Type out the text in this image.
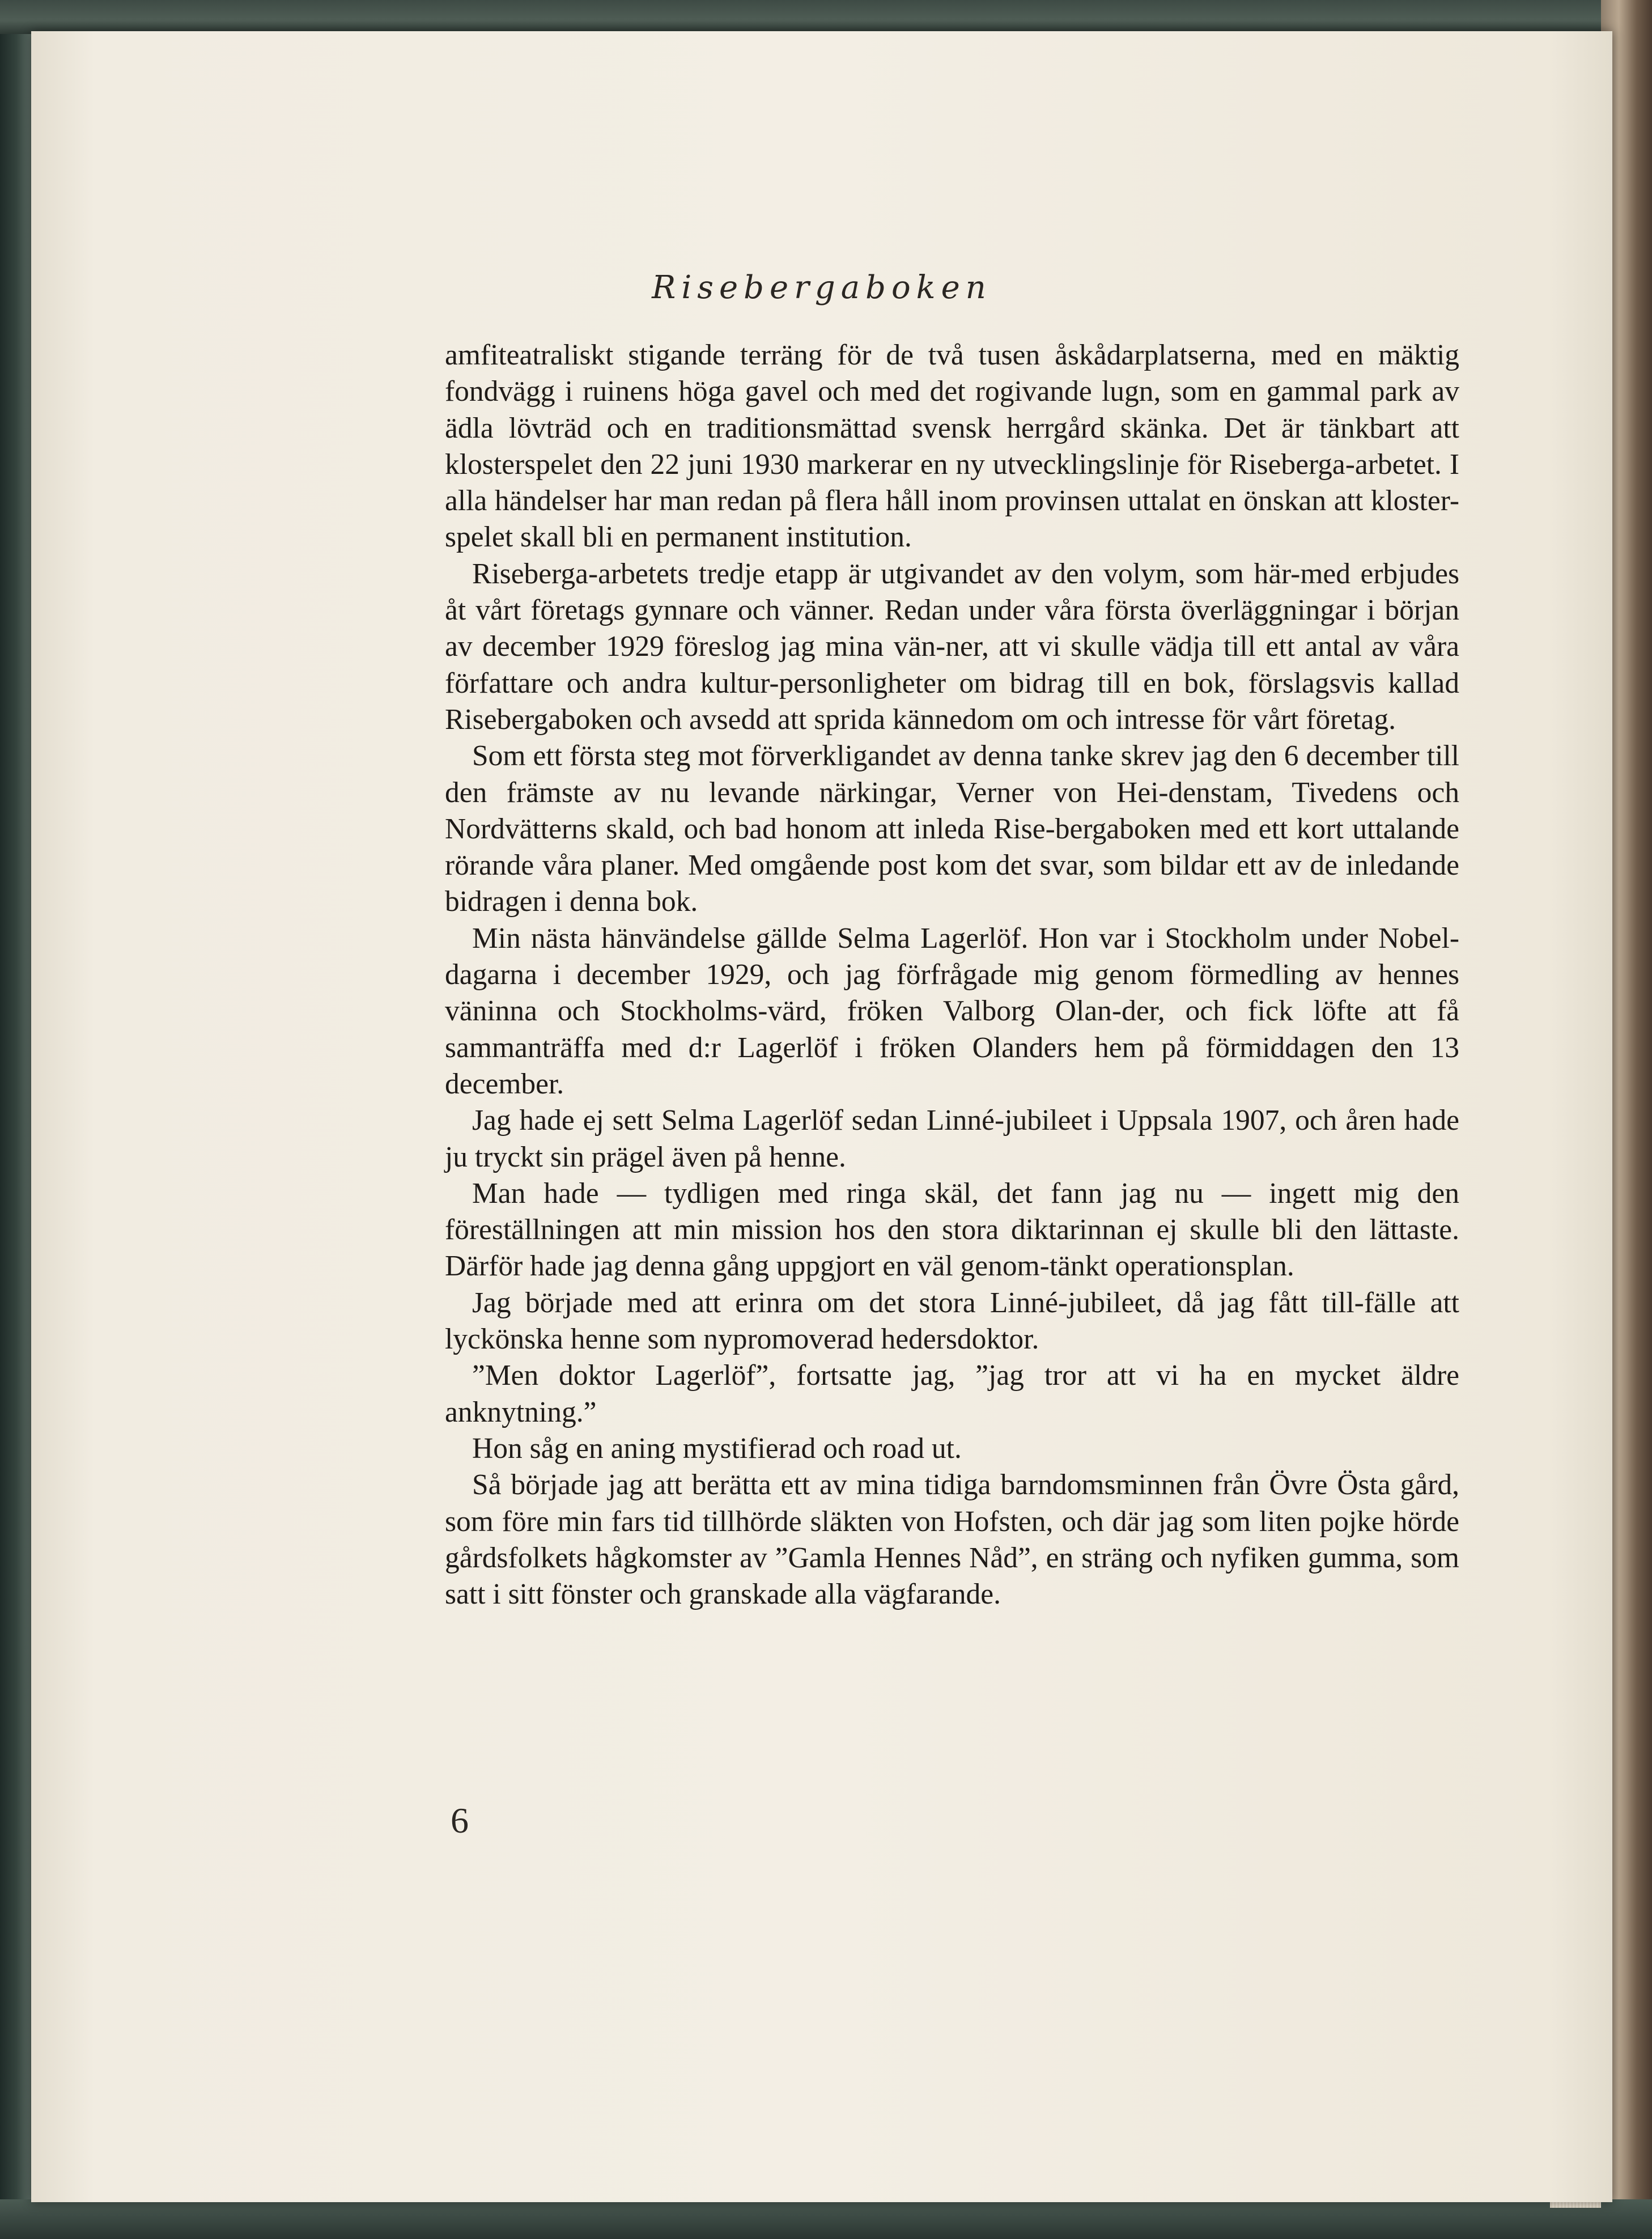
Risebergaboken

amfiteatraliskt stigande terräng för de två tusen åskådarplatserna, med en mäktig fondvägg i ruinens höga gavel och med det rogivande lugn, som en gammal park av ädla lövträd och en traditionsmättad svensk herrgård skänka. Det är tänkbart att klosterspelet den 22 juni 1930 markerar en ny utvecklingslinje för Riseberga-arbetet. I alla händelser har man redan på flera håll inom provinsen uttalat en önskan att kloster-spelet skall bli en permanent institution.

Riseberga-arbetets tredje etapp är utgivandet av den volym, som här-med erbjudes åt vårt företags gynnare och vänner. Redan under våra första överläggningar i början av december 1929 föreslog jag mina vän-ner, att vi skulle vädja till ett antal av våra författare och andra kultur-personligheter om bidrag till en bok, förslagsvis kallad Risebergaboken och avsedd att sprida kännedom om och intresse för vårt företag.

Som ett första steg mot förverkligandet av denna tanke skrev jag den 6 december till den främste av nu levande närkingar, Verner von Hei-denstam, Tivedens och Nordvätterns skald, och bad honom att inleda Rise-bergaboken med ett kort uttalande rörande våra planer. Med omgående post kom det svar, som bildar ett av de inledande bidragen i denna bok.

Min nästa hänvändelse gällde Selma Lagerlöf. Hon var i Stockholm under Nobel-dagarna i december 1929, och jag förfrågade mig genom förmedling av hennes väninna och Stockholms-värd, fröken Valborg Olan-der, och fick löfte att få sammanträffa med d:r Lagerlöf i fröken Olanders hem på förmiddagen den 13 december.

Jag hade ej sett Selma Lagerlöf sedan Linné-jubileet i Uppsala 1907, och åren hade ju tryckt sin prägel även på henne.

Man hade — tydligen med ringa skäl, det fann jag nu — ingett mig den föreställningen att min mission hos den stora diktarinnan ej skulle bli den lättaste. Därför hade jag denna gång uppgjort en väl genom-tänkt operationsplan.

Jag började med att erinra om det stora Linné-jubileet, då jag fått till-fälle att lyckönska henne som nypromoverad hedersdoktor.

”Men doktor Lagerlöf”, fortsatte jag, ”jag tror att vi ha en mycket äldre anknytning.”

Hon såg en aning mystifierad och road ut.

Så började jag att berätta ett av mina tidiga barndomsminnen från Övre Östa gård, som före min fars tid tillhörde släkten von Hofsten, och där jag som liten pojke hörde gårdsfolkets hågkomster av ”Gamla Hennes Nåd”, en sträng och nyfiken gumma, som satt i sitt fönster och granskade alla vägfarande.

6
